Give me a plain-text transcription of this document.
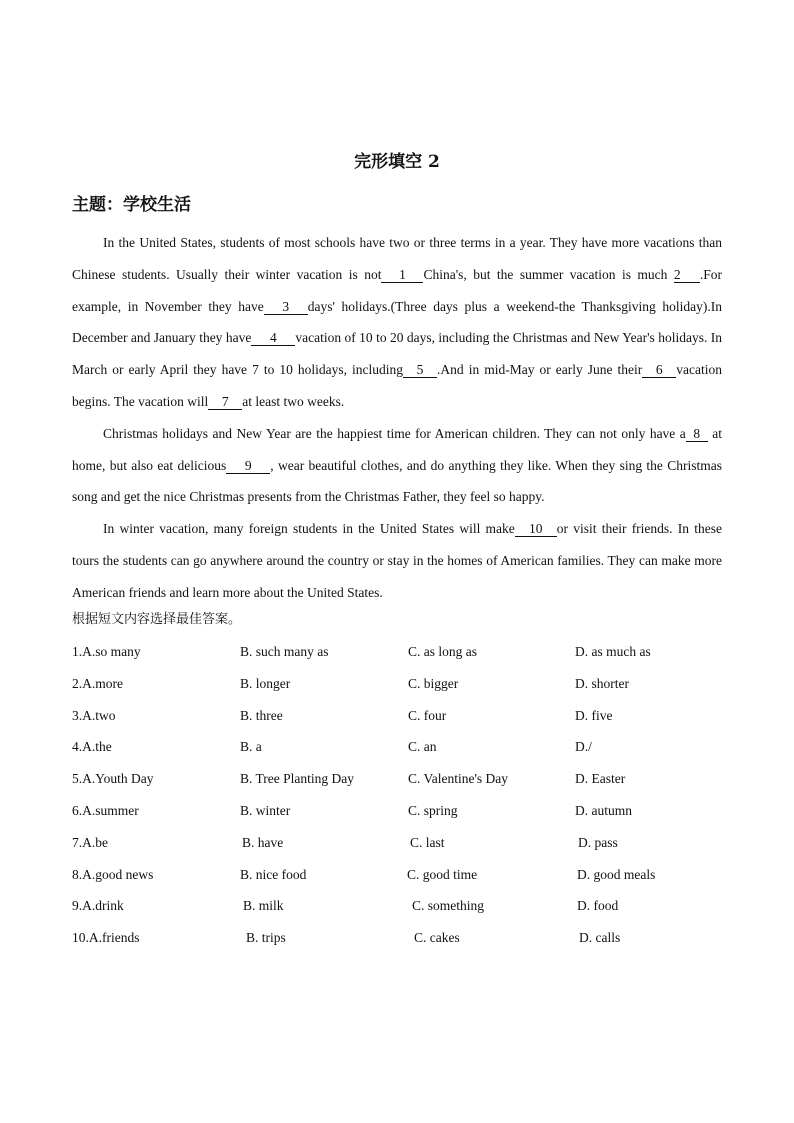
完形填空 2
主题：学校生活

In the United States, students of most schools have two or three terms in a year. They have more vacations than Chinese students. Usually their winter vacation is not 1 China's, but the summer vacation is much 2 .For example, in November they have 3 days' holidays.(Three days plus a weekend-the Thanksgiving holiday).In December and January they have 4 vacation of 10 to 20 days, including the Christmas and New Year's holidays. In March or early April they have 7 to 10 holidays, including 5 .And in mid-May or early June their 6 vacation begins. The vacation will 7 at least two weeks.

Christmas holidays and New Year are the happiest time for American children. They can not only have a 8 at home, but also eat delicious 9 , wear beautiful clothes, and do anything they like. When they sing the Christmas song and get the nice Christmas presents from the Christmas Father, they feel so happy.

In winter vacation, many foreign students in the United States will make 10 or visit their friends. In these tours the students can go anywhere around the country or stay in the homes of American families. They can make more American friends and learn more about the United States.

根据短文内容选择最佳答案。
1.A.so many	B. such many as	C. as long as	D. as much as
2.A.more	B. longer	C. bigger	D. shorter
3.A.two	B. three	C. four	D. five
4.A.the	B. a	C. an	D./
5.A.Youth Day	B. Tree Planting Day	C. Valentine's Day	D. Easter
6.A.summer	B. winter	C. spring	D. autumn
7.A.be	B. have	C. last	D. pass
8.A.good news	B. nice food	C. good time	D. good meals
9.A.drink	B. milk	C. something	D. food
10.A.friends	B. trips	C. cakes	D. calls
